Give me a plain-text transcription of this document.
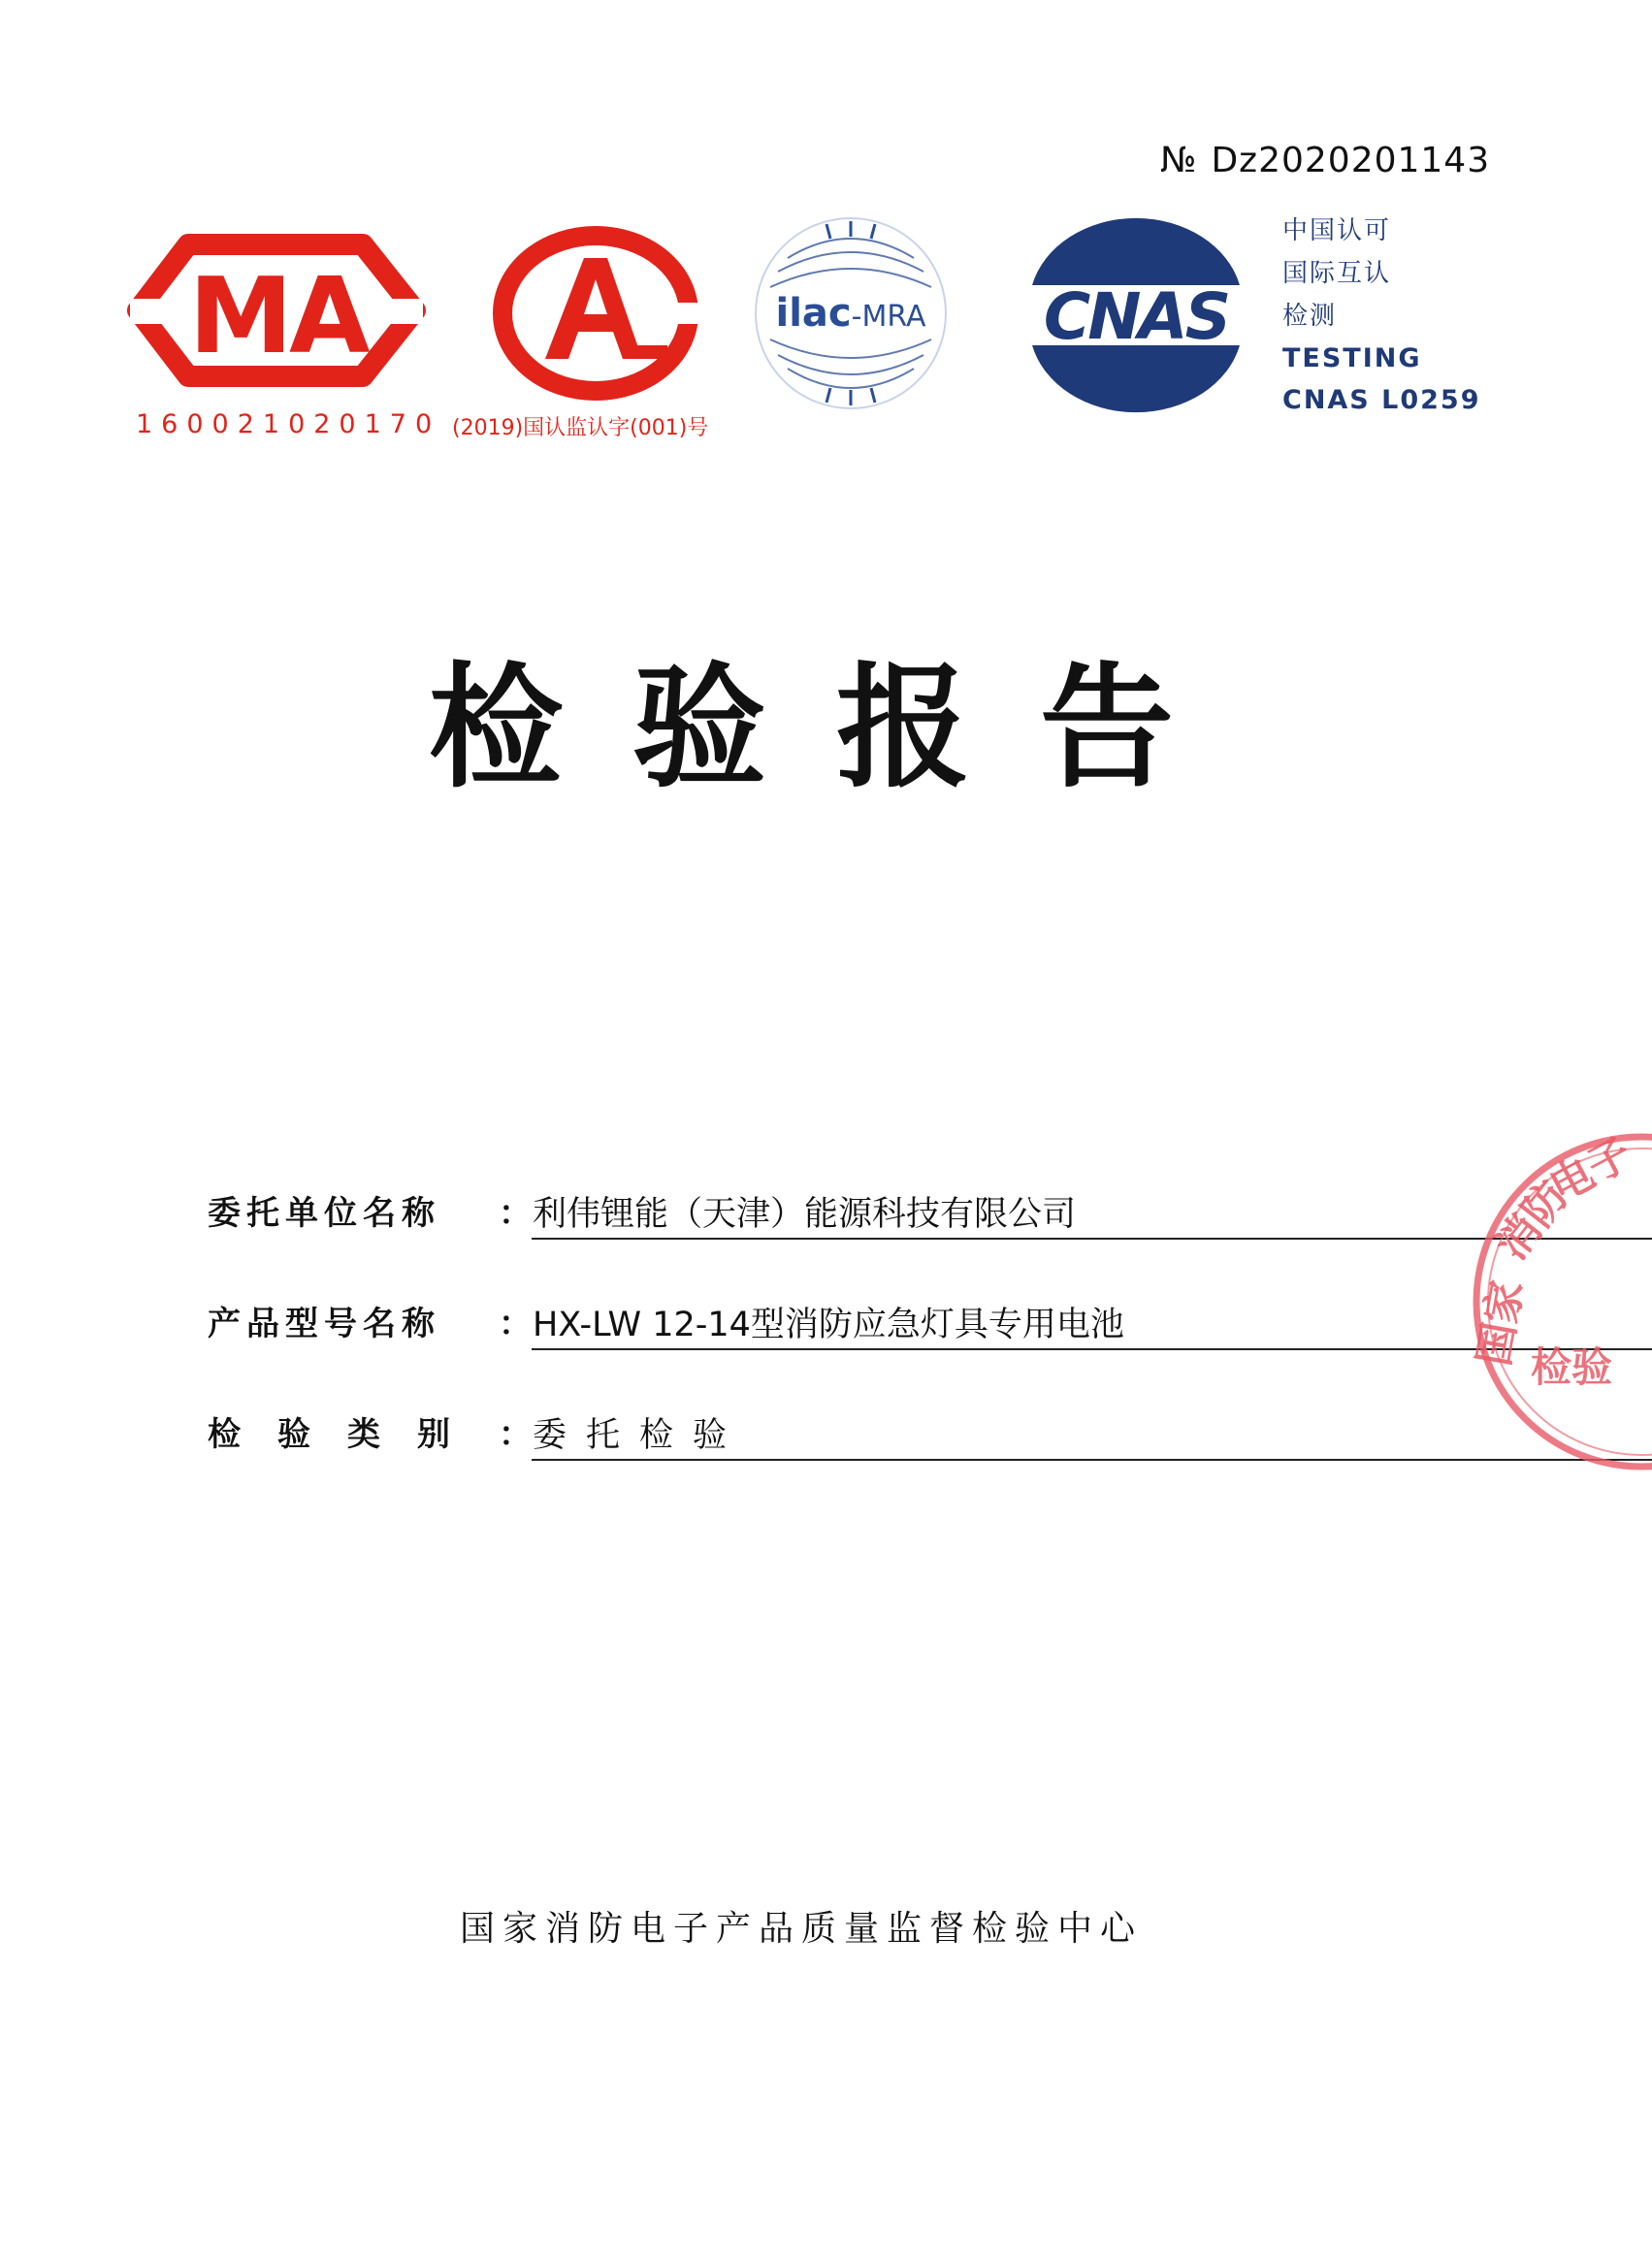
№ Dz2020201143
MA
160021020170 (2019)国认监认字(001)号
ilac-MRA CNAS
中国认可
国际互认
检测
TESTING
CNAS L0259
检验报告
委托单位名称 ： 利伟锂能（天津）能源科技有限公司
产品型号名称 ： HX-LW 12-14型消防应急灯具专用电池
检验类别 ： 委托检验
国家
消防
电子
检验
国家消防电子产品质量监督检验中心
